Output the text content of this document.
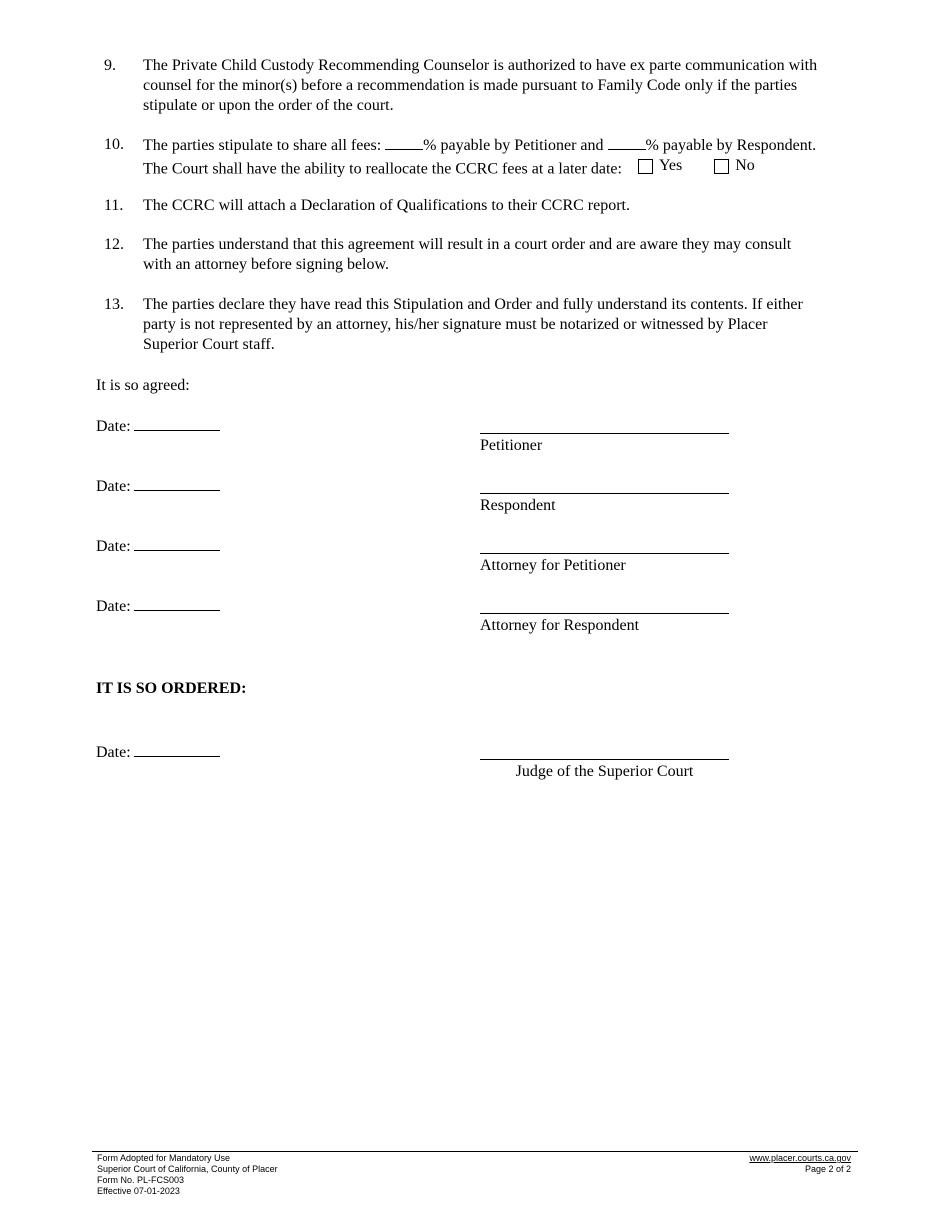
9. The Private Child Custody Recommending Counselor is authorized to have ex parte communication with
counsel for the minor(s) before a recommendation is made pursuant to Family Code only if the parties
stipulate or upon the order of the court.
10. The parties stipulate to share all fees:	% payable by Petitioner and	% payable by Respondent.
The Court shall have the ability to reallocate the CCRC fees at a later date: Yes
	No
11. The CCRC will attach a Declaration of Qualifications to their CCRC report.
12. The parties understand that this agreement will result in a court order and are aware they may consult
with an attorney before signing below.
13. The parties declare they have read this Stipulation and Order and fully understand its contents. If either
party is not represented by an attorney, his/her signature must be notarized or witnessed by Placer
Superior Court staff.
It is so agreed:
Date:
Petitioner
Date:
Respondent
Date:
Attorney for Petitioner
Date:
Attorney for Respondent
IT IS SO ORDERED:
Date:
Judge of the Superior Court
Form Adopted for Mandatory Use
Superior Court of California, County of Placer
Form No. PL-FCS003
Effective 07-01-2023
www.placer.courts.ca.gov
Page 2 of 2
